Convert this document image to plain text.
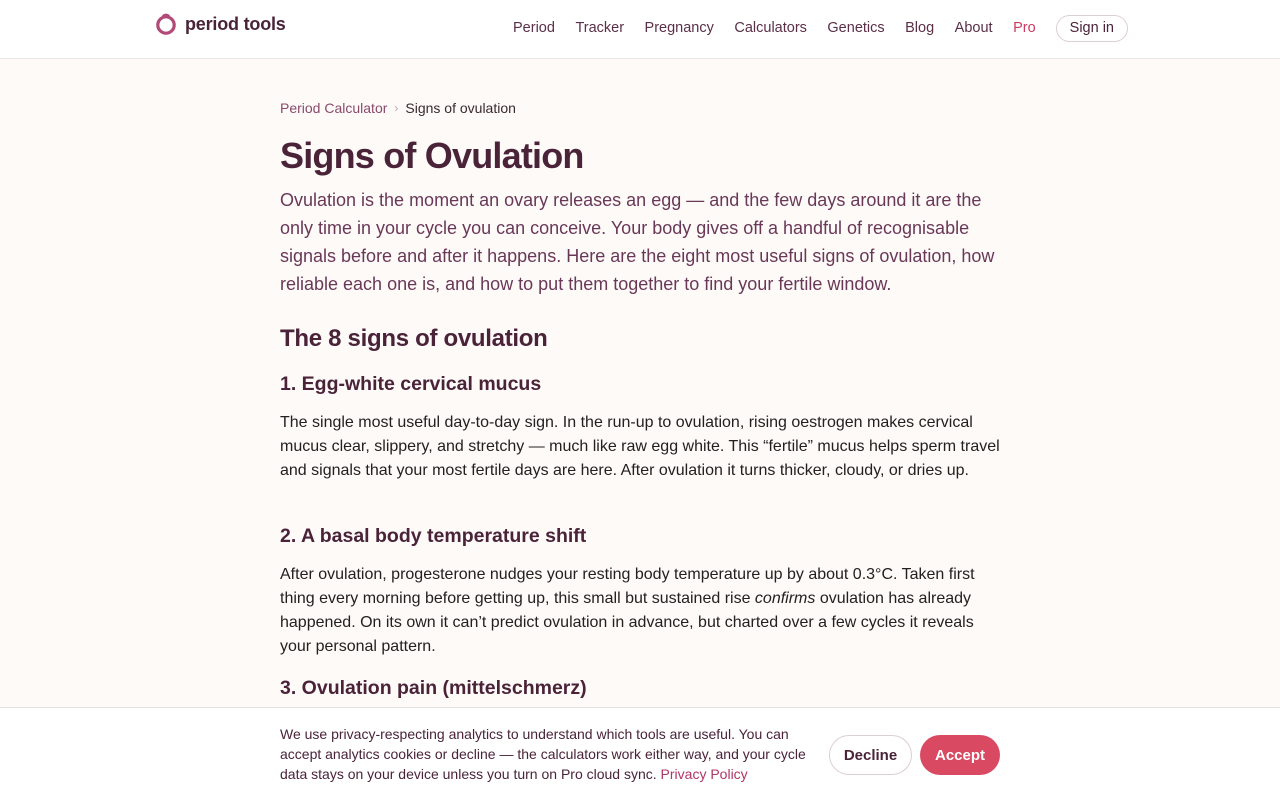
period tools	Period Tracker Pregnancy Calculators Genetics Blog About Pro	Sign in
Period Calculator › Signs of ovulation
Signs of Ovulation

Ovulation is the moment an ovary releases an egg — and the few days around it are the only time in your cycle you can conceive. Your body gives off a handful of recognisable signals before and after it happens. Here are the eight most useful signs of ovulation, how reliable each one is, and how to put them together to find your fertile window.

The 8 signs of ovulation
1. Egg-white cervical mucus

The single most useful day-to-day sign. In the run-up to ovulation, rising oestrogen makes cervical mucus clear, slippery, and stretchy — much like raw egg white. This “fertile” mucus helps sperm travel and signals that your most fertile days are here. After ovulation it turns thicker, cloudy, or dries up.

2. A basal body temperature shift

After ovulation, progesterone nudges your resting body temperature up by about 0.3°C. Taken first thing every morning before getting up, this small but sustained rise confirms ovulation has already happened. On its own it can’t predict ovulation in advance, but charted over a few cycles it reveals your personal pattern.

3. Ovulation pain (mittelschmerz)

We use privacy-respecting analytics to understand which tools are useful. You can accept analytics cookies or decline — the calculators work either way, and your cycle data stays on your device unless you turn on Pro cloud sync. Privacy Policy

Decline	Accept
